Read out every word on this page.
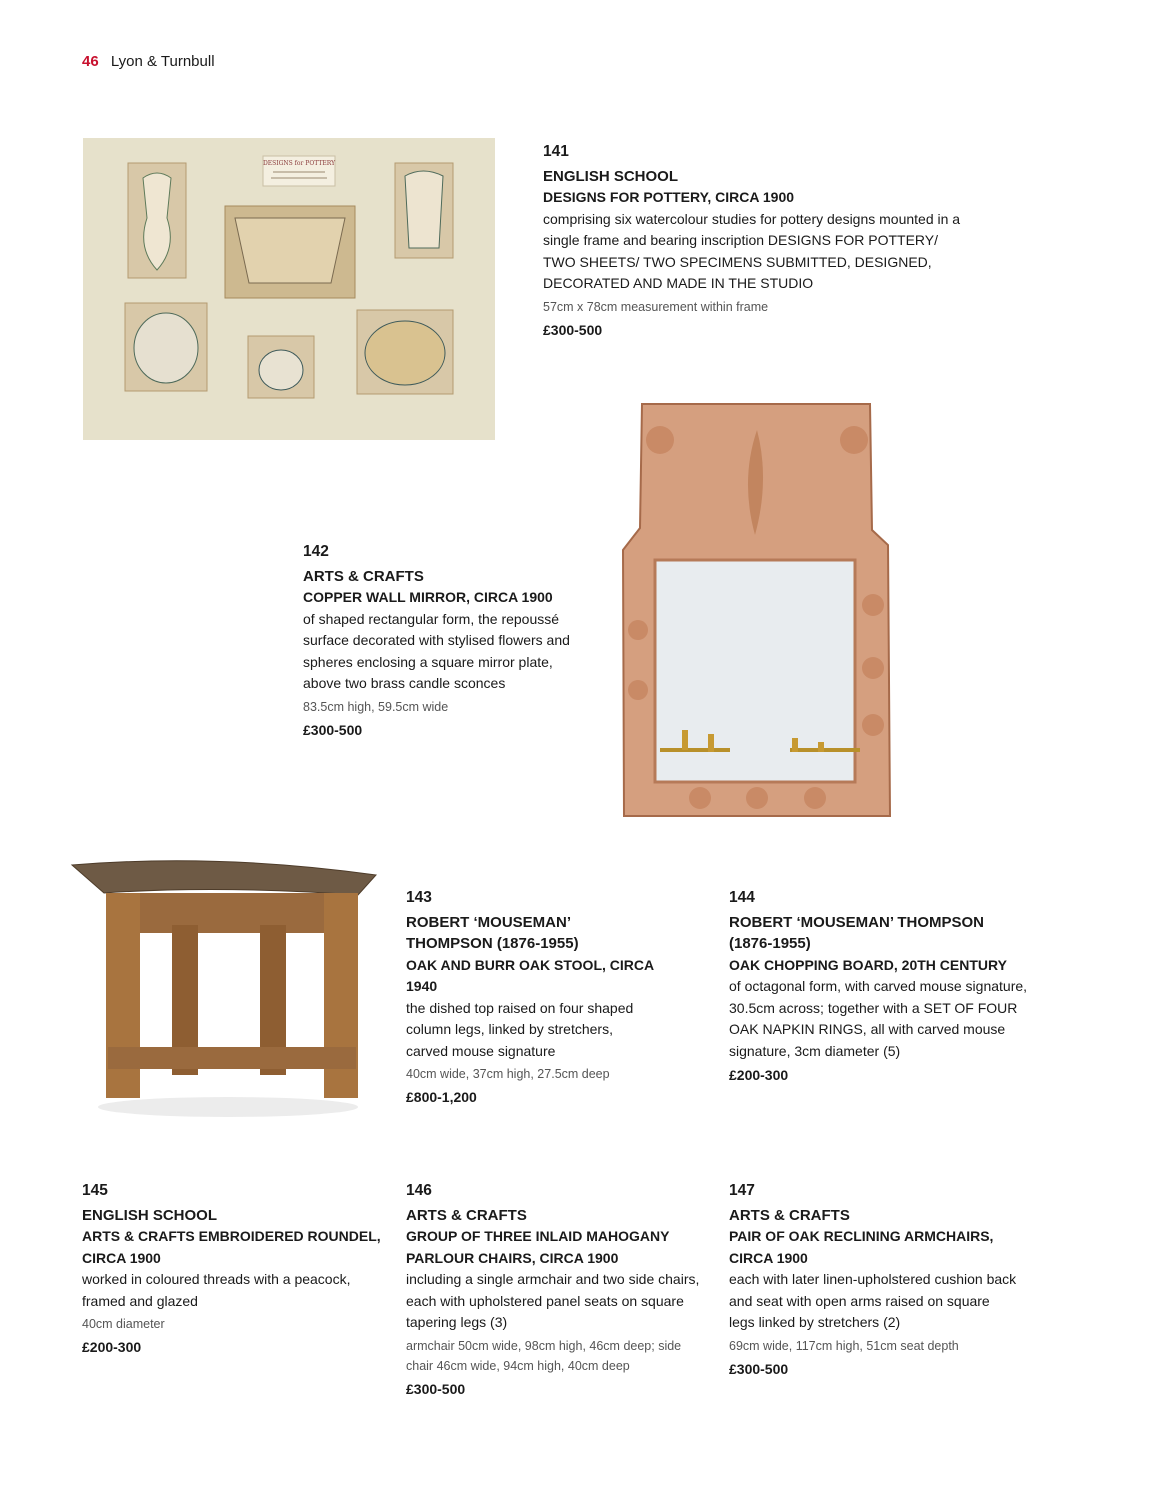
46 Lyon & Turnbull
DESIGNS for POTTERY
141
ENGLISH SCHOOL
DESIGNS FOR POTTERY, CIRCA 1900
comprising six watercolour studies for pottery designs mounted in a single frame and bearing inscription DESIGNS FOR POTTERY/ TWO SHEETS/ TWO SPECIMENS SUBMITTED, DESIGNED, DECORATED AND MADE IN THE STUDIO
57cm x 78cm measurement within frame
£300-500
142
ARTS & CRAFTS
COPPER WALL MIRROR, CIRCA 1900
of shaped rectangular form, the repoussé surface decorated with stylised flowers and spheres enclosing a square mirror plate, above two brass candle sconces
83.5cm high, 59.5cm wide
£300-500
143
ROBERT ‘MOUSEMAN’ THOMPSON (1876-1955)
OAK AND BURR OAK STOOL, CIRCA 1940
the dished top raised on four shaped column legs, linked by stretchers, carved mouse signature
40cm wide, 37cm high, 27.5cm deep
£800-1,200
144
ROBERT ‘MOUSEMAN’ THOMPSON (1876-1955)
OAK CHOPPING BOARD, 20TH CENTURY
of octagonal form, with carved mouse signature, 30.5cm across; together with a SET OF FOUR OAK NAPKIN RINGS, all with carved mouse signature, 3cm diameter (5)
£200-300
145
ENGLISH SCHOOL
ARTS & CRAFTS EMBROIDERED ROUNDEL, CIRCA 1900
worked in coloured threads with a peacock, framed and glazed
40cm diameter
£200-300
146
ARTS & CRAFTS
GROUP OF THREE INLAID MAHOGANY PARLOUR CHAIRS, CIRCA 1900
including a single armchair and two side chairs, each with upholstered panel seats on square tapering legs (3)
armchair 50cm wide, 98cm high, 46cm deep; side chair 46cm wide, 94cm high, 40cm deep
£300-500
147
ARTS & CRAFTS
PAIR OF OAK RECLINING ARMCHAIRS, CIRCA 1900
each with later linen-upholstered cushion back and seat with open arms raised on square legs linked by stretchers (2)
69cm wide, 117cm high, 51cm seat depth
£300-500
